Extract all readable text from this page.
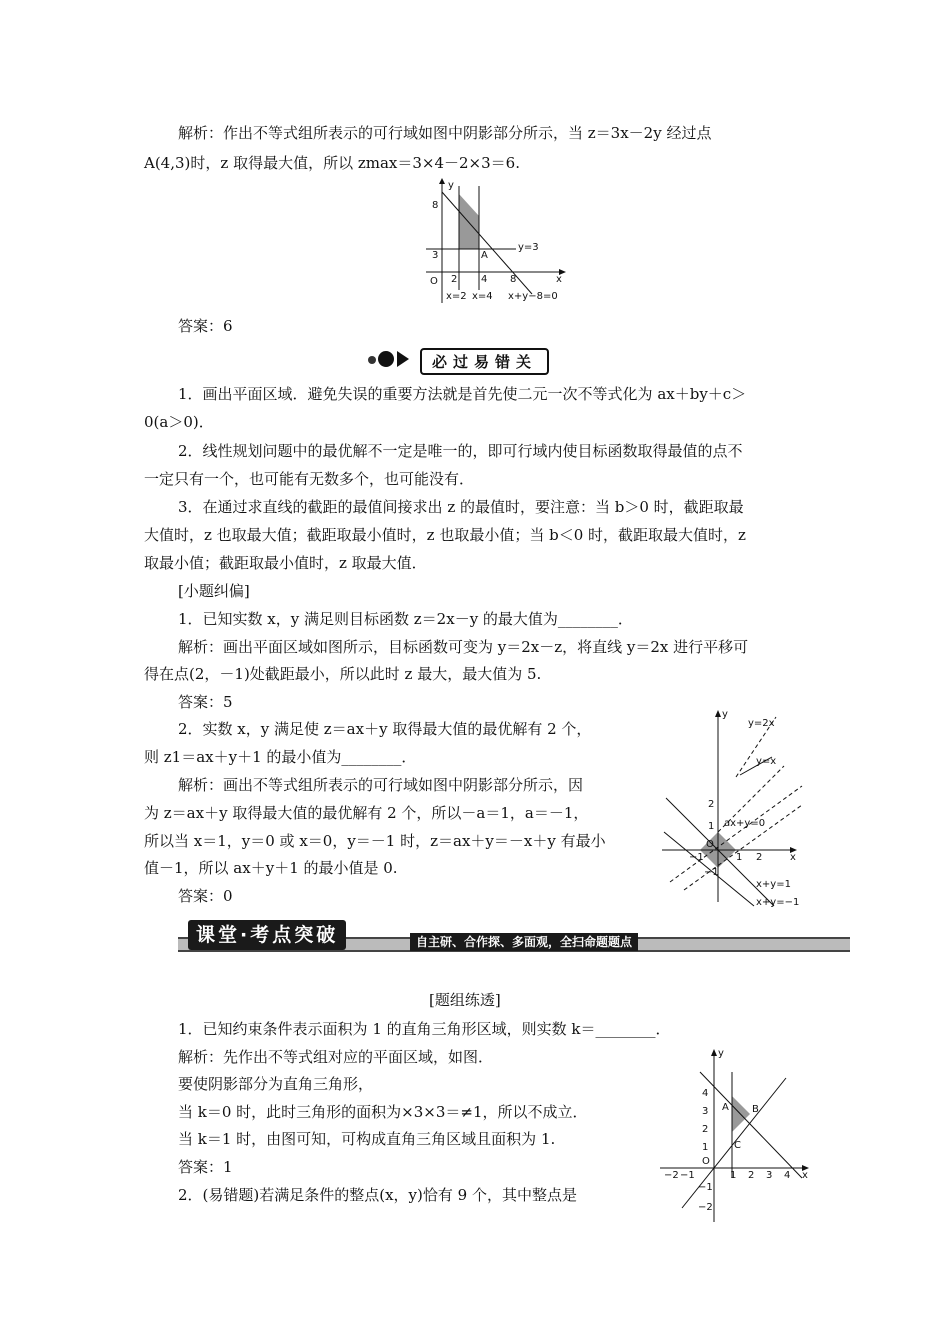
解析：作出不等式组所表示的可行域如图中阴影部分所示，当 z＝3x－2y 经过点
A(4,3)时，z 取得最大值，所以 zmax＝3×4－2×3＝6.
y
x
O
8
3
2 4 8
A
y=3
x=2 x=4 x+y−8=0
答案：6
必过易错关
1．画出平面区域．避免失误的重要方法就是首先使二元一次不等式化为 ax＋by＋c＞
0(a＞0)．
2．线性规划问题中的最优解不一定是唯一的，即可行域内使目标函数取得最值的点不
一定只有一个，也可能有无数多个，也可能没有．
3．在通过求直线的截距的最值间接求出 z 的最值时，要注意：当 b＞0 时，截距取最
大值时，z 也取最大值；截距取最小值时，z 也取最小值；当 b＜0 时，截距取最大值时，z
取最小值；截距取最小值时，z 取最大值．
[小题纠偏]
1．已知实数 x，y 满足则目标函数 z＝2x－y 的最大值为________．
解析：画出平面区域如图所示，目标函数可变为 y＝2x－z，将直线 y＝2x 进行平移可
得在点(2，－1)处截距最小，所以此时 z 最大，最大值为 5.
答案：5
2．实数 x，y 满足使 z＝ax＋y 取得最大值的最优解有 2 个，
则 z1＝ax＋y＋1 的最小值为________．
解析：画出不等式组所表示的可行域如图中阴影部分所示，因
为 z＝ax＋y 取得最大值的最优解有 2 个，所以－a＝1，a＝－1，
所以当 x＝1，y＝0 或 x＝0，y＝－1 时，z＝ax＋y＝－x＋y 有最小
值－1，所以 ax＋y＋1 的最小值是 0.
答案：0
y
x
O
y=2x
y=x
2
1
−1	1 2
−1
ax+y=0
x+y=1
x+y=−1
课堂·考点突破	自主研、合作探、多面观，全扫命题题点
[题组练透]
1．已知约束条件表示面积为 1 的直角三角形区域，则实数 k＝________．
解析：先作出不等式组对应的平面区域，如图．
要使阴影部分为直角三角形，
当 k＝0 时，此时三角形的面积为×3×3＝≠1，所以不成立．
当 k＝1 时，由图可知，可构成直角三角区域且面积为 1.
答案：1
2．(易错题)若满足条件的整点(x，y)恰有 9 个，其中整点是
y
x
O
4
3
2
1
−1
−2
−2 −1	1 2 3 4
A B
C
